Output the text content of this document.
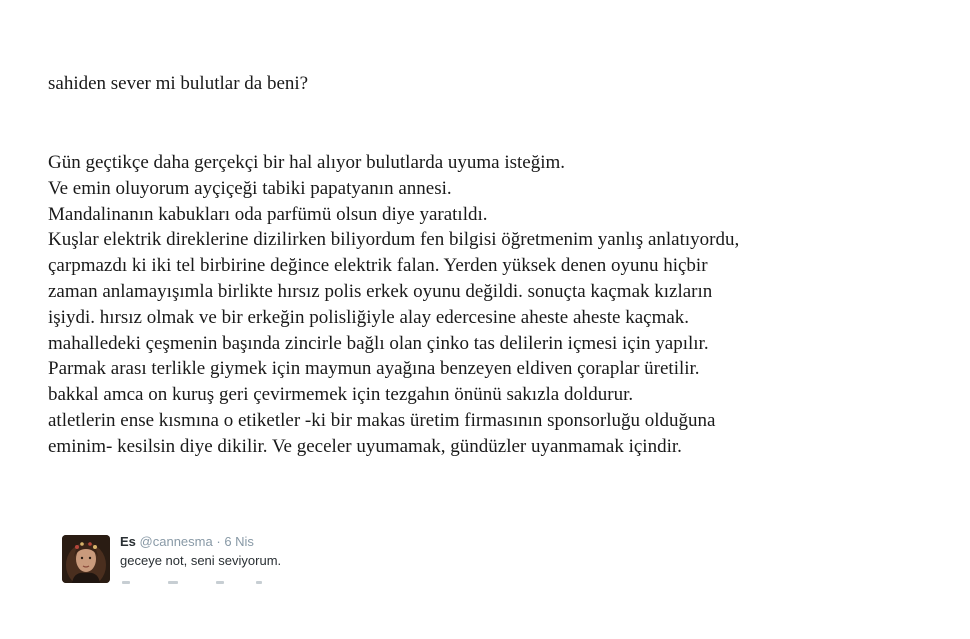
sahiden sever mi bulutlar da beni?
Gün geçtikçe daha gerçekçi bir hal alıyor bulutlarda uyuma isteğim.
Ve emin oluyorum ayçiçeği tabiki papatyanın annesi.
Mandalinanın kabukları oda parfümü olsun diye yaratıldı.
Kuşlar elektrik direklerine dizilirken biliyordum fen bilgisi öğretmenim yanlış anlatıyordu,
çarpmazdı ki iki tel birbirine değince elektrik falan. Yerden yüksek denen oyunu hiçbir
zaman anlamayışımla birlikte hırsız polis erkek oyunu değildi. sonuçta kaçmak kızların
işiydi. hırsız olmak ve bir erkeğin polisliğiyle alay edercesine aheste aheste kaçmak.
mahalledeki çeşmenin başında zincirle bağlı olan çinko tas delilerin içmesi için yapılır.
Parmak arası terlikle giymek için maymun ayağına benzeyen eldiven çoraplar üretilir.
bakkal amca on kuruş geri çevirmemek için tezgahın önünü sakızla doldurur.
atletlerin ense kısmına o etiketler -ki bir makas üretim firmasının sponsorluğu olduğuna
eminim- kesilsin diye dikilir. Ve geceler uyumamak, gündüzler uyanmamak içindir.
Es @cannesma · 6 Nis
geceye not, seni seviyorum.
